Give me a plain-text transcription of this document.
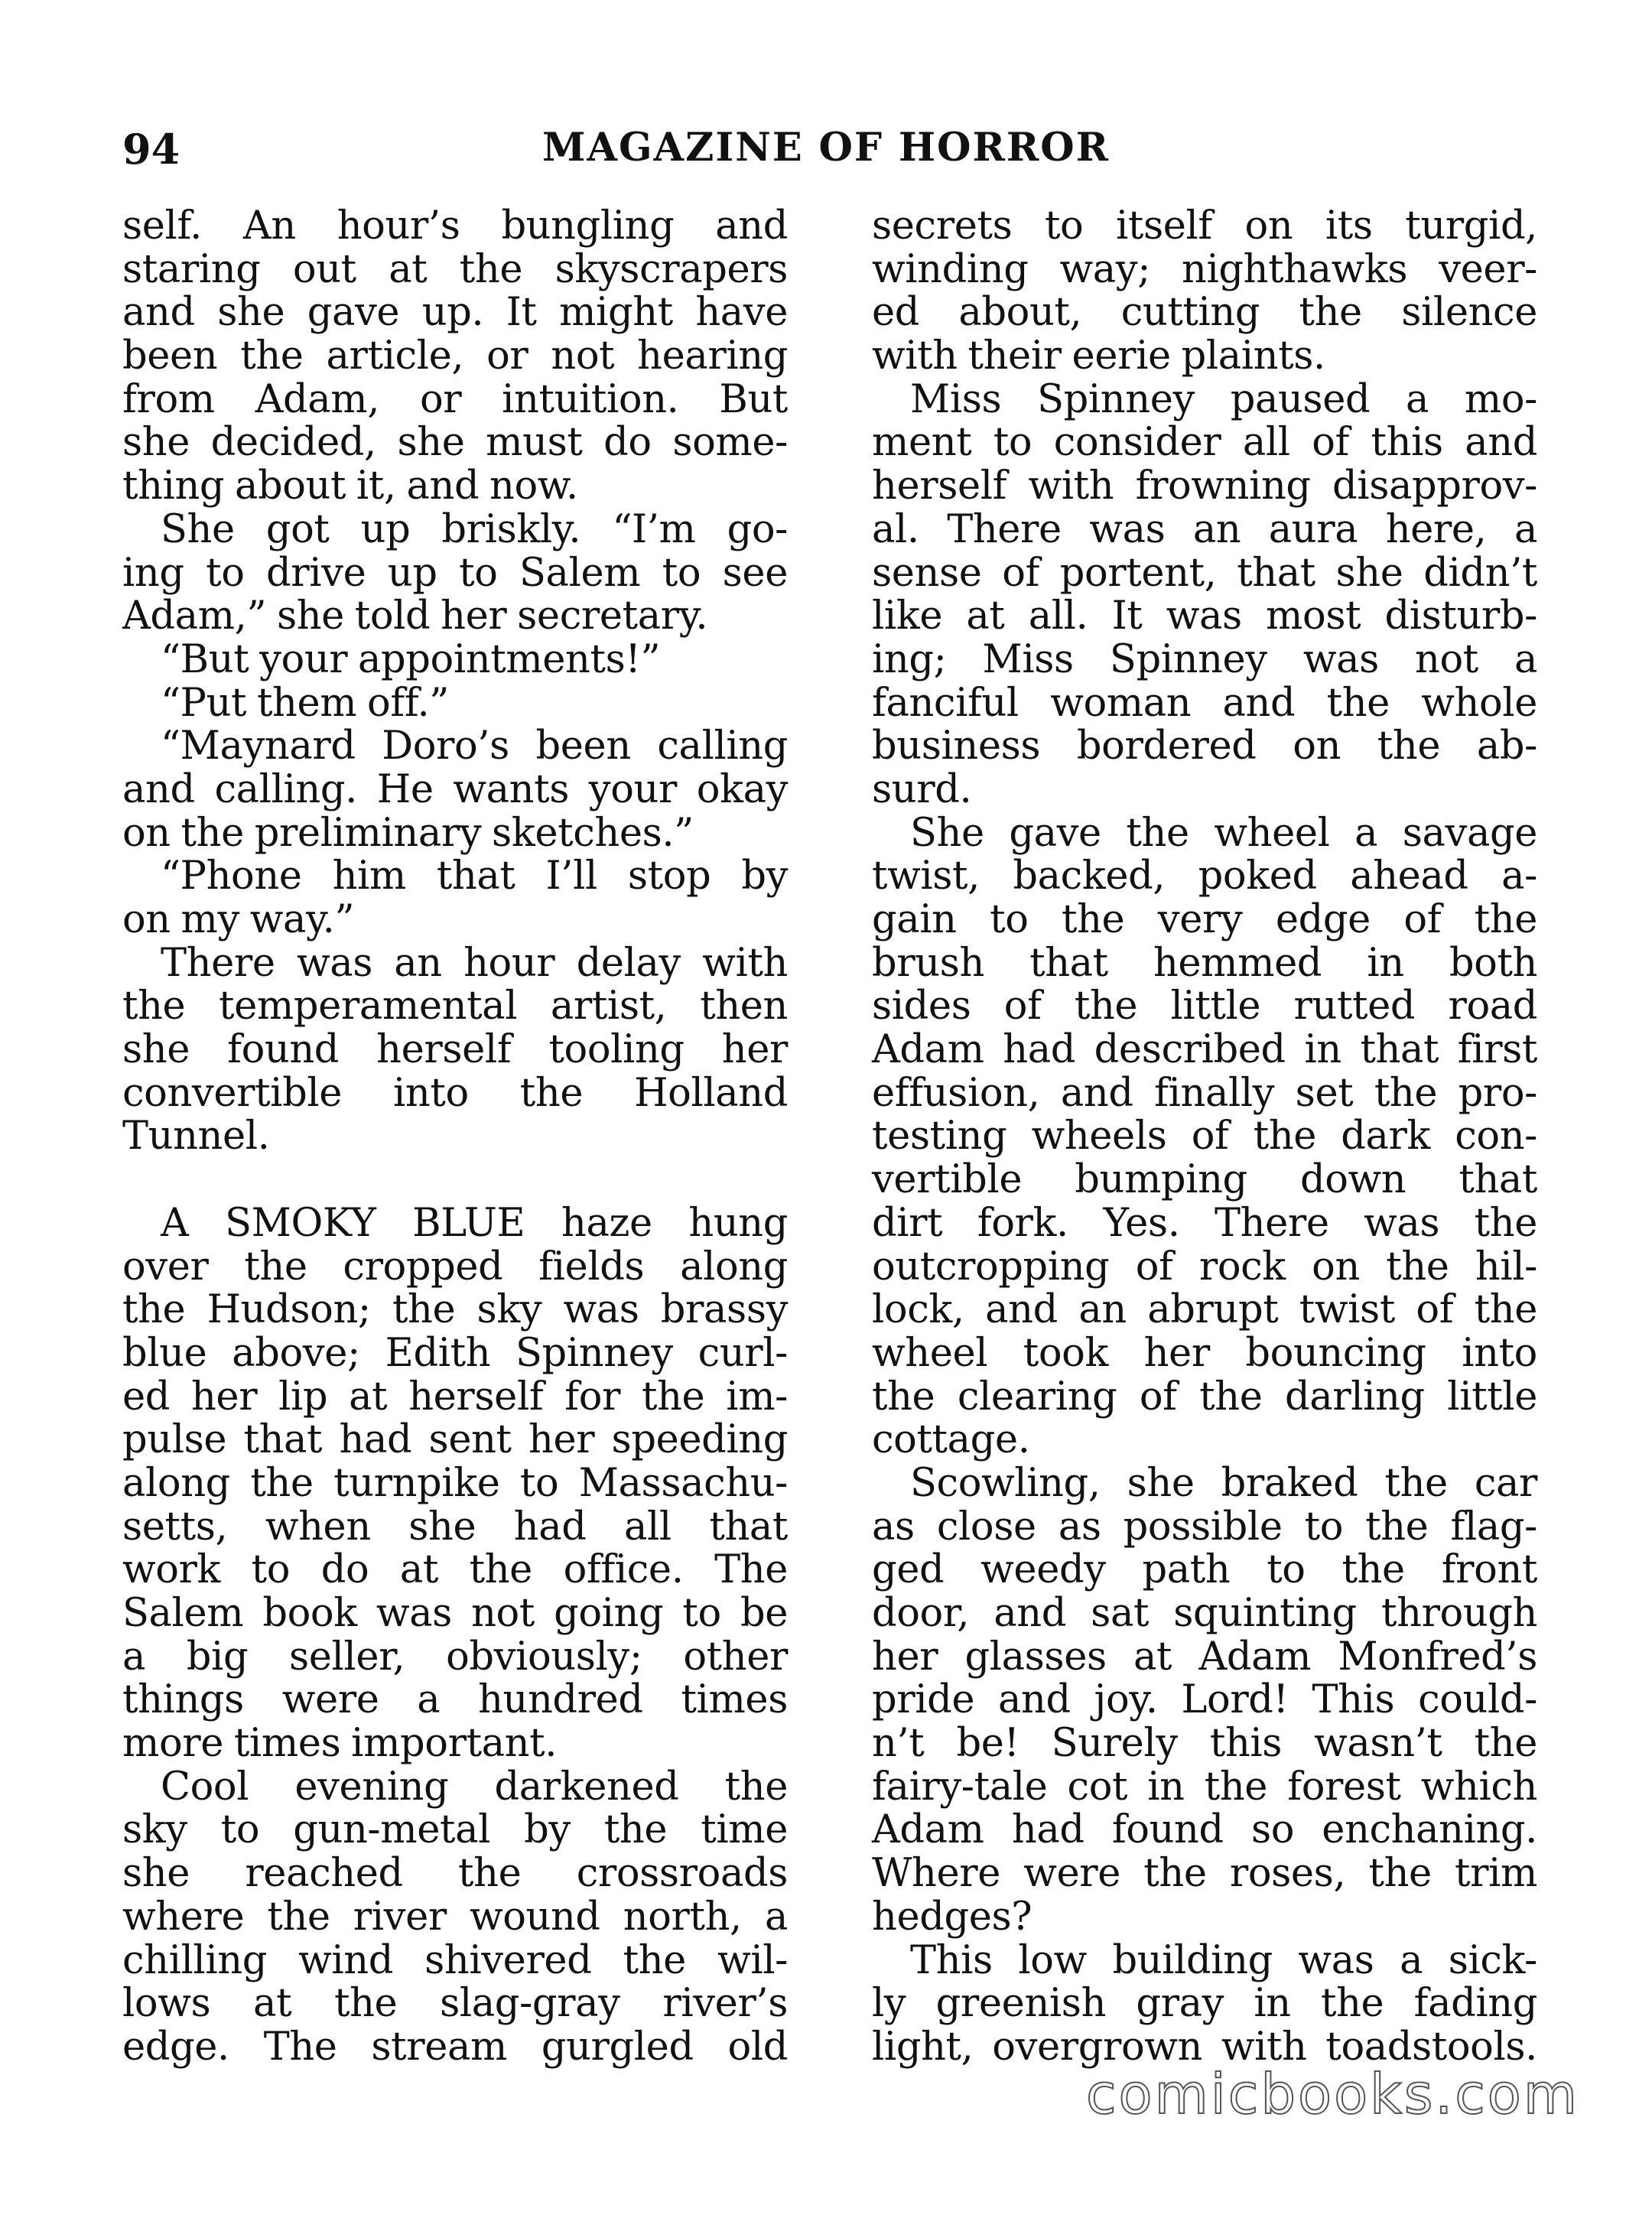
94	MAGAZINE OF HORROR
self. An hour’s bungling and
staring out at the skyscrapers
and she gave up. It might have
been the article, or not hearing
from Adam, or intuition. But
she decided, she must do some-
thing about it, and now.
She got up briskly. “I’m go-
ing to drive up to Salem to see
Adam,” she told her secretary.
“But your appointments!”
“Put them off.”
“Maynard Doro’s been calling
and calling. He wants your okay
on the preliminary sketches.”
“Phone him that I’ll stop by
on my way.”
There was an hour delay with
the temperamental artist, then
she found herself tooling her
convertible into the Holland
Tunnel.
A SMOKY BLUE haze hung
over the cropped fields along
the Hudson; the sky was brassy
blue above; Edith Spinney curl-
ed her lip at herself for the im-
pulse that had sent her speeding
along the turnpike to Massachu-
setts, when she had all that
work to do at the office. The
Salem book was not going to be
a big seller, obviously; other
things were a hundred times
more times important.
Cool evening darkened the
sky to gun-metal by the time
she reached the crossroads
where the river wound north, a
chilling wind shivered the wil-
lows at the slag-gray river’s
edge. The stream gurgled old
secrets to itself on its turgid,
winding way; nighthawks veer-
ed about, cutting the silence
with their eerie plaints.
Miss Spinney paused a mo-
ment to consider all of this and
herself with frowning disapprov-
al. There was an aura here, a
sense of portent, that she didn’t
like at all. It was most disturb-
ing; Miss Spinney was not a
fanciful woman and the whole
business bordered on the ab-
surd.
She gave the wheel a savage
twist, backed, poked ahead a-
gain to the very edge of the
brush that hemmed in both
sides of the little rutted road
Adam had described in that first
effusion, and finally set the pro-
testing wheels of the dark con-
vertible bumping down that
dirt fork. Yes. There was the
outcropping of rock on the hil-
lock, and an abrupt twist of the
wheel took her bouncing into
the clearing of the darling little
cottage.
Scowling, she braked the car
as close as possible to the flag-
ged weedy path to the front
door, and sat squinting through
her glasses at Adam Monfred’s
pride and joy. Lord! This could-
n’t be! Surely this wasn’t the
fairy-tale cot in the forest which
Adam had found so enchaning.
Where were the roses, the trim
hedges?
This low building was a sick-
ly greenish gray in the fading
light, overgrown with toadstools.
comicbooks.com
